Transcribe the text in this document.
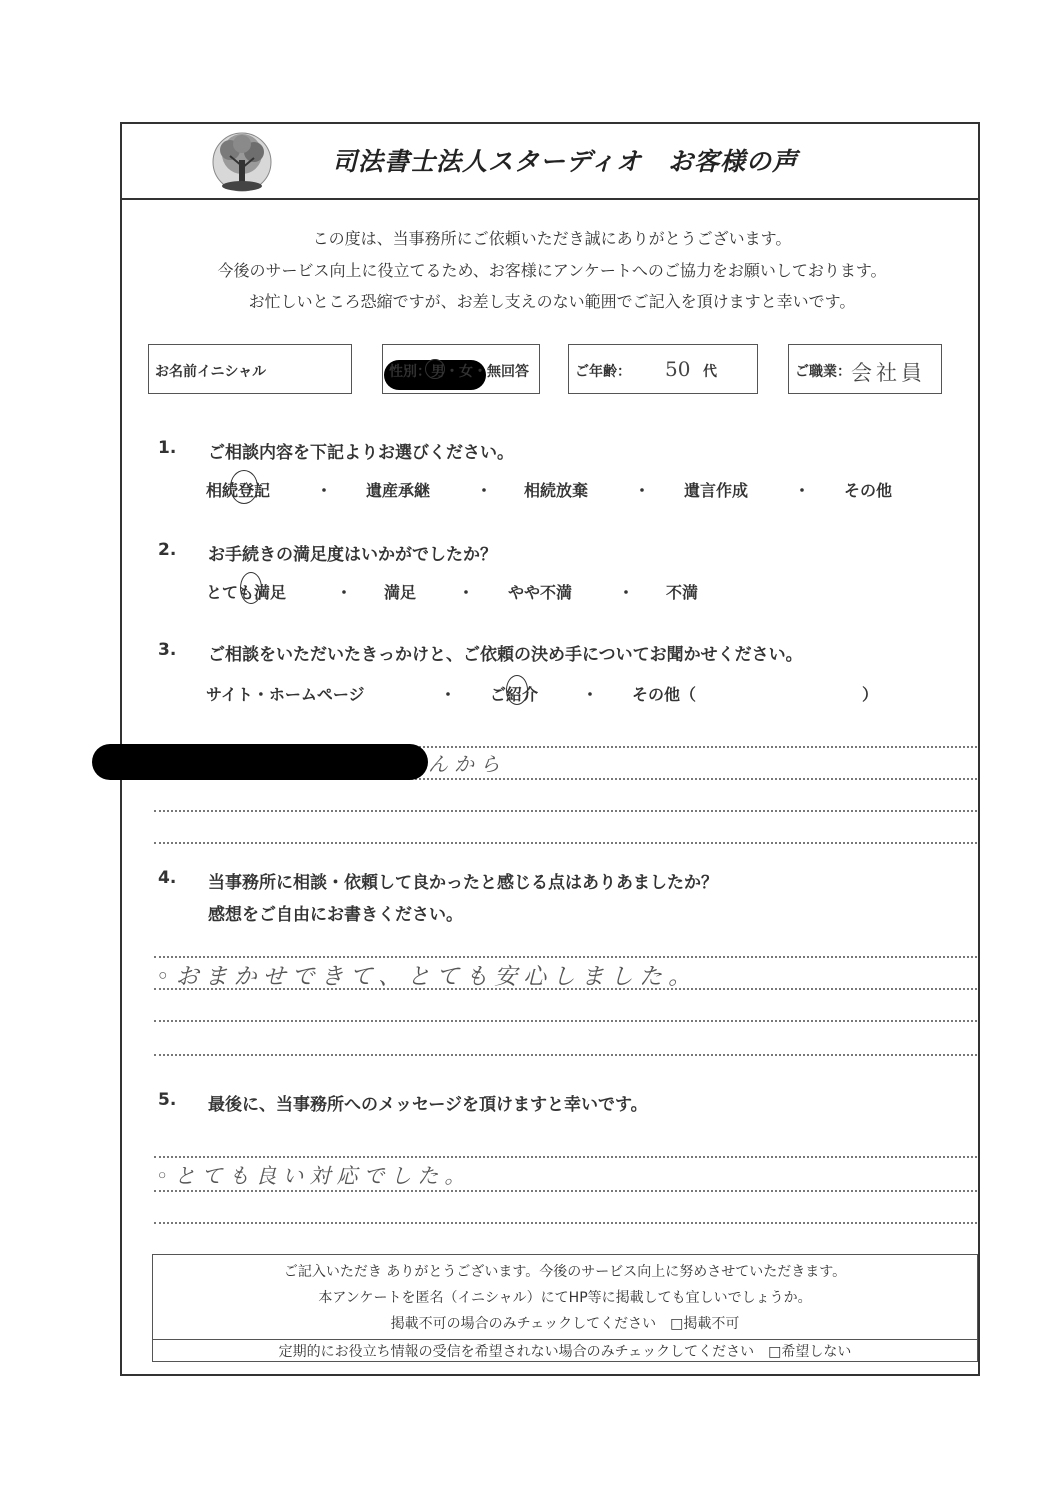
司法書士法人スターディオ　お客様の声
この度は、当事務所にご依頼いただき誠にありがとうございます。
今後のサービス向上に役立てるため、お客様にアンケートへのご協力をお願いしております。
お忙しいところ恐縮ですが、お差し支えのない範囲でご記入を頂けますと幸いです。
お名前イニシャル	性別：男・女・無回答	ご年齢： 50 代	ご職業： 会社員
1. ご相談内容を下記よりお選びください。
相続登記	・ 遺産承継	・ 相続放棄	・ 遺言作成	・ その他
2. お手続きの満足度はいかがでしたか？
とても満足	・ 満足	・ やや不満	・ 不満
3. ご相談をいただいたきっかけと、ご依頼の決め手についてお聞かせください。
サイト・ホームページ	・ ご紹介	・ その他（	）
んから
4. 当事務所に相談・依頼して良かったと感じる点はありあましたか？
感想をご自由にお書きください。
◦おまかせできて、とても安心しました。
5. 最後に、当事務所へのメッセージを頂けますと幸いです。
◦とても良い対応でした。
ご記入いただき ありがとうございます。今後のサービス向上に努めさせていただきます。
本アンケートを匿名（イニシャル）にてHP等に掲載しても宜しいでしょうか。
掲載不可の場合のみチェックしてください　□掲載不可
定期的にお役立ち情報の受信を希望されない場合のみチェックしてください　□希望しない
